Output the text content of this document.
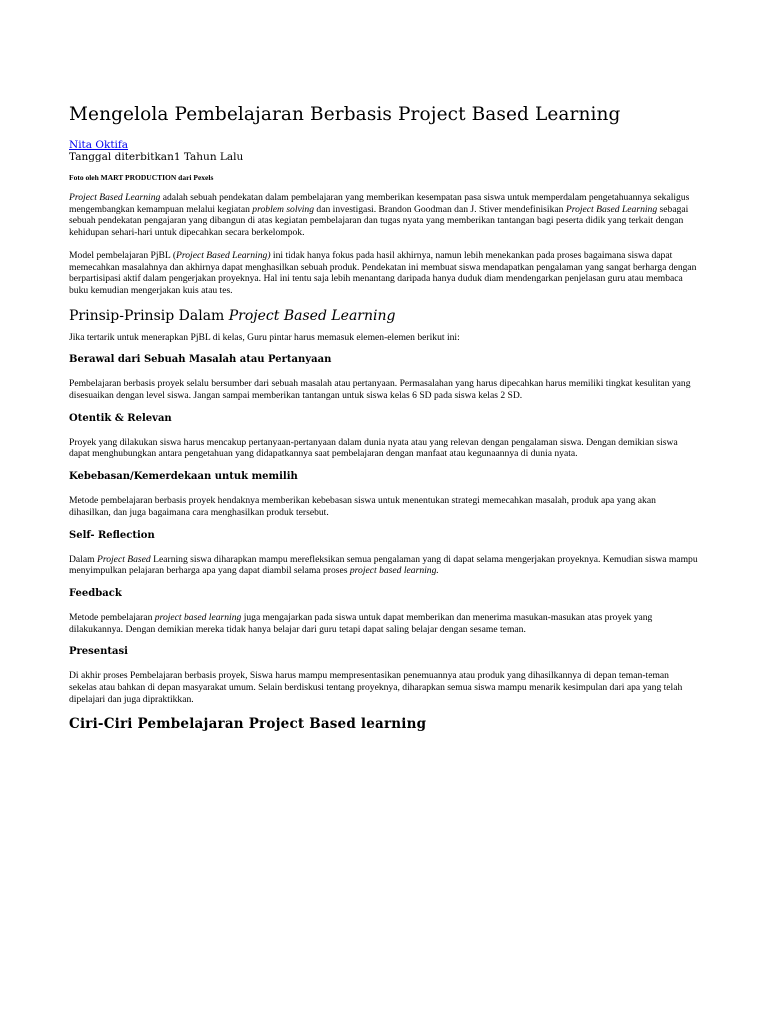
Mengelola Pembelajaran Berbasis Project Based Learning

Nita Oktifa

Tanggal diterbitkan1 Tahun Lalu

Foto oleh MART PRODUCTION dari Pexels

Project Based Learning adalah sebuah pendekatan dalam pembelajaran yang memberikan kesempatan pasa siswa untuk memperdalam pengetahuannya sekaligus mengembangkan kemampuan melalui kegiatan problem solving dan investigasi. Brandon Goodman dan J. Stiver mendefinisikan Project Based Learning sebagai sebuah pendekatan pengajaran yang dibangun di atas kegiatan pembelajaran dan tugas nyata yang memberikan tantangan bagi peserta didik yang terkait dengan kehidupan sehari-hari untuk dipecahkan secara berkelompok.

Model pembelajaran PjBL (Project Based Learning) ini tidak hanya fokus pada hasil akhirnya, namun lebih menekankan pada proses bagaimana siswa dapat memecahkan masalahnya dan akhirnya dapat menghasilkan sebuah produk. Pendekatan ini membuat siswa mendapatkan pengalaman yang sangat berharga dengan berpartisipasi aktif dalam pengerjakan proyeknya. Hal ini tentu saja lebih menantang daripada hanya duduk diam mendengarkan penjelasan guru atau membaca buku kemudian mengerjakan kuis atau tes.

Prinsip-Prinsip Dalam Project Based Learning

Jika tertarik untuk menerapkan PjBL di kelas, Guru pintar harus memasuk elemen-elemen berikut ini:

Berawal dari Sebuah Masalah atau Pertanyaan

Pembelajaran berbasis proyek selalu bersumber dari sebuah masalah atau pertanyaan. Permasalahan yang harus dipecahkan harus memiliki tingkat kesulitan yang disesuaikan dengan level siswa. Jangan sampai memberikan tantangan untuk siswa kelas 6 SD pada siswa kelas 2 SD.

Otentik & Relevan

Proyek yang dilakukan siswa harus mencakup pertanyaan-pertanyaan dalam dunia nyata atau yang relevan dengan pengalaman siswa. Dengan demikian siswa dapat menghubungkan antara pengetahuan yang didapatkannya saat pembelajaran dengan manfaat atau kegunaannya di dunia nyata.

Kebebasan/Kemerdekaan untuk memilih

Metode pembelajaran berbasis proyek hendaknya memberikan kebebasan siswa untuk menentukan strategi memecahkan masalah, produk apa yang akan dihasilkan, dan juga bagaimana cara menghasilkan produk tersebut.

Self- Reflection

Dalam Project Based Learning siswa diharapkan mampu merefleksikan semua pengalaman yang di dapat selama mengerjakan proyeknya. Kemudian siswa mampu menyimpulkan pelajaran berharga apa yang dapat diambil selama proses project based learning.

Feedback

Metode pembelajaran project based learning juga mengajarkan pada siswa untuk dapat memberikan dan menerima masukan-masukan atas proyek yang dilakukannya. Dengan demikian mereka tidak hanya belajar dari guru tetapi dapat saling belajar dengan sesame teman.

Presentasi

Di akhir proses Pembelajaran berbasis proyek, Siswa harus mampu mempresentasikan penemuannya atau produk yang dihasilkannya di depan teman-teman sekelas atau bahkan di depan masyarakat umum. Selain berdiskusi tentang proyeknya, diharapkan semua siswa mampu menarik kesimpulan dari apa yang telah dipelajari dan juga dipraktikkan.

Ciri-Ciri Pembelajaran Project Based learning
